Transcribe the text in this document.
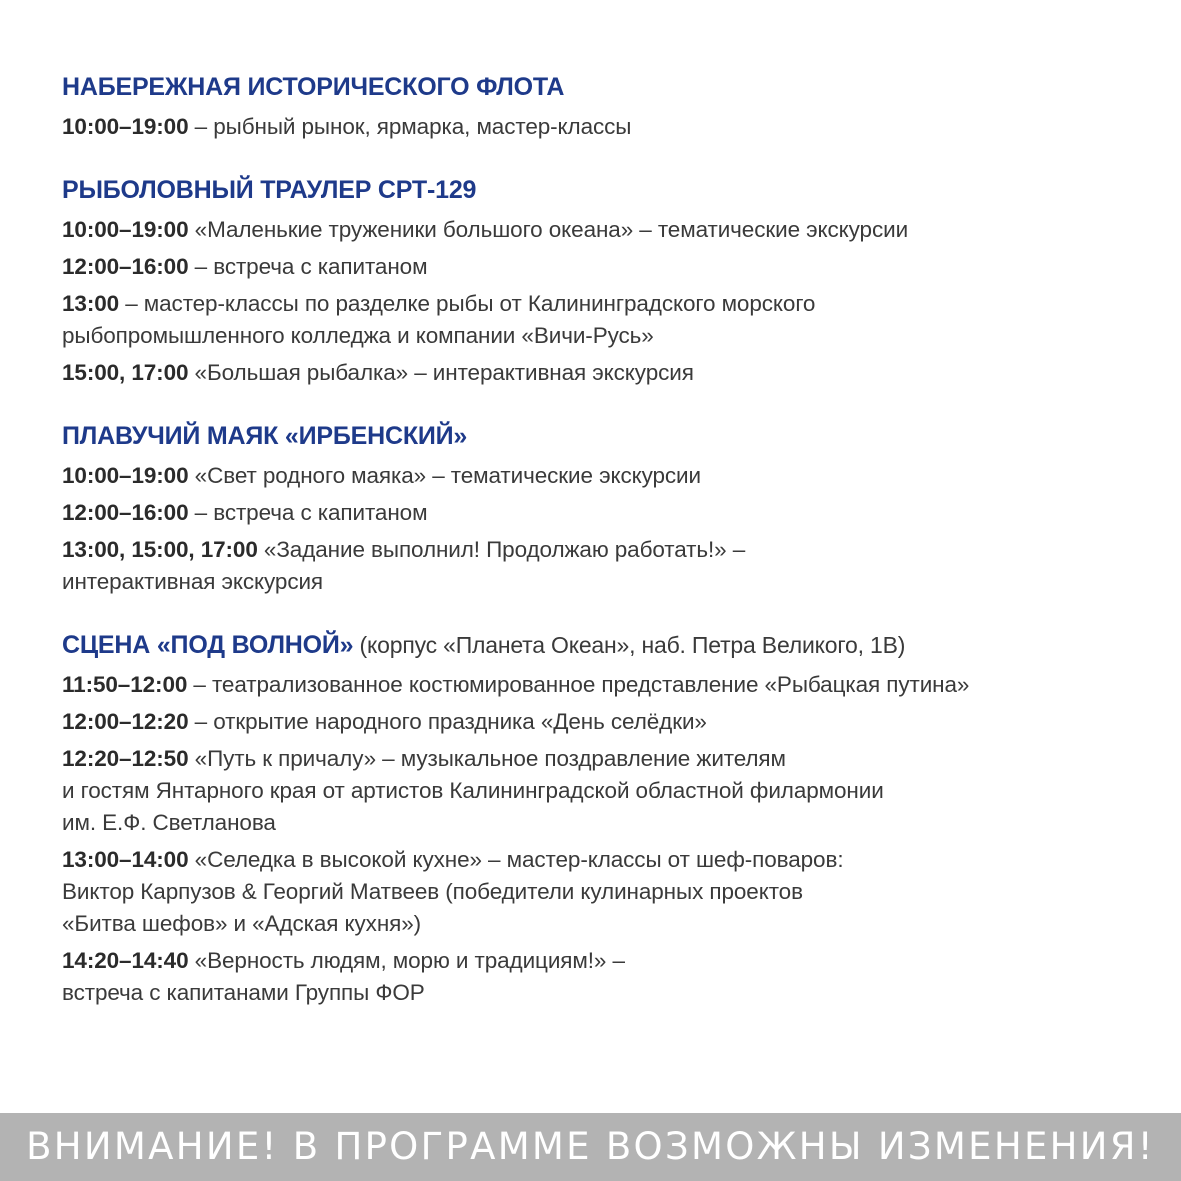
НАБЕРЕЖНАЯ ИСТОРИЧЕСКОГО ФЛОТА
10:00–19:00 – рыбный рынок, ярмарка, мастер-классы
РЫБОЛОВНЫЙ ТРАУЛЕР СРТ-129
10:00–19:00 «Маленькие труженики большого океана» – тематические экскурсии
12:00–16:00 – встреча с капитаном
13:00 – мастер-классы по разделке рыбы от Калининградского морского
рыбопромышленного колледжа и компании «Вичи-Русь»
15:00, 17:00 «Большая рыбалка» – интерактивная экскурсия
ПЛАВУЧИЙ МАЯК «ИРБЕНСКИЙ»
10:00–19:00 «Свет родного маяка» – тематические экскурсии
12:00–16:00 – встреча с капитаном
13:00, 15:00, 17:00 «Задание выполнил! Продолжаю работать!» –
интерактивная экскурсия
СЦЕНА «ПОД ВОЛНОЙ» (корпус «Планета Океан», наб. Петра Великого, 1В)
11:50–12:00 – театрализованное костюмированное представление «Рыбацкая путина»
12:00–12:20 – открытие народного праздника «День селёдки»
12:20–12:50 «Путь к причалу» – музыкальное поздравление жителям
и гостям Янтарного края от артистов Калининградской областной филармонии
им. Е.Ф. Светланова
13:00–14:00 «Селедка в высокой кухне» – мастер-классы от шеф-поваров:
Виктор Карпузов & Георгий Матвеев (победители кулинарных проектов
«Битва шефов» и «Адская кухня»)
14:20–14:40 «Верность людям, морю и традициям!» –
встреча с капитанами Группы ФОР
ВНИМАНИЕ! В ПРОГРАММЕ ВОЗМОЖНЫ ИЗМЕНЕНИЯ!
